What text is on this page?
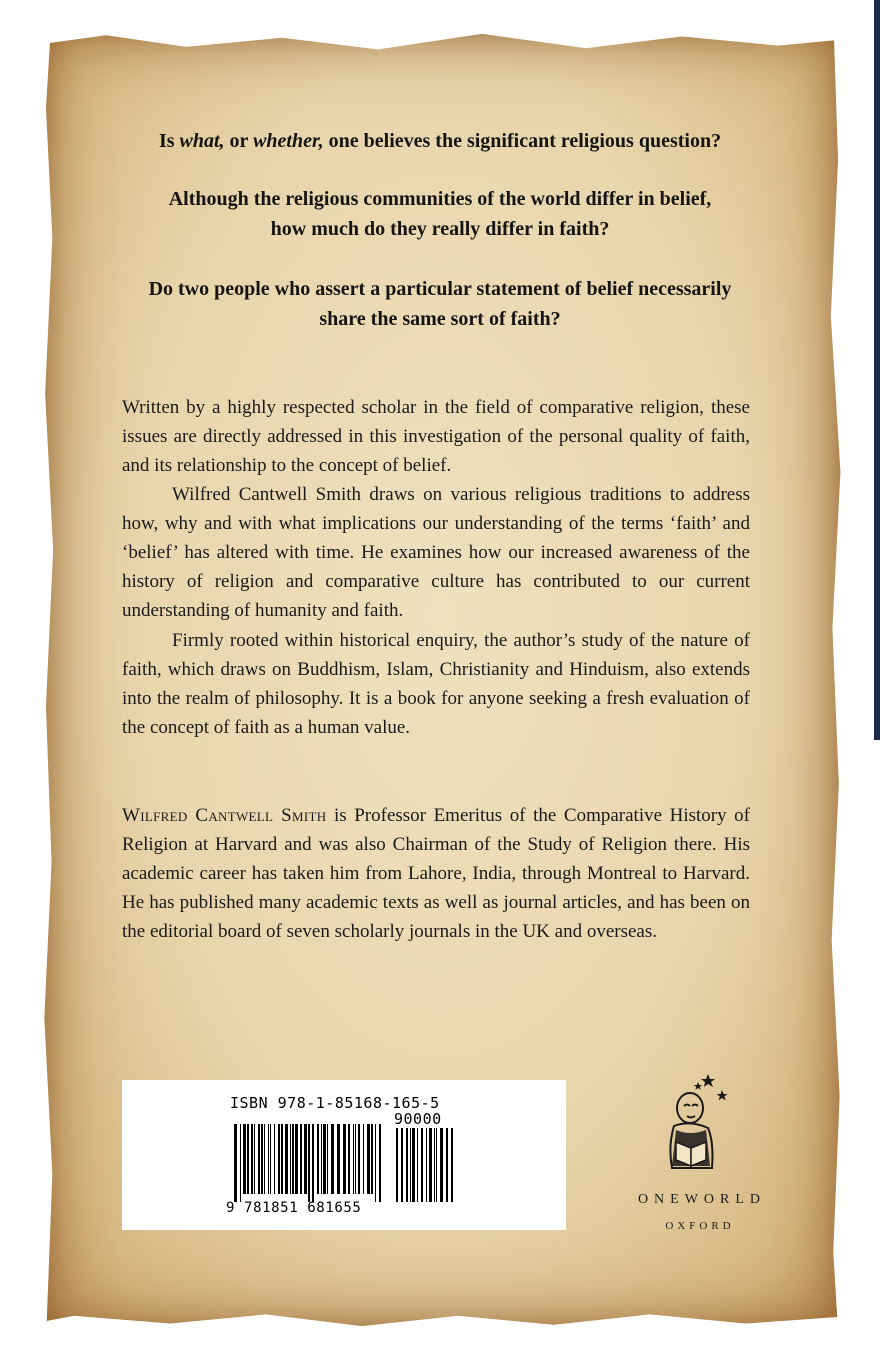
Is what, or whether, one believes the significant religious question?

Although the religious communities of the world differ in belief,
how much do they really differ in faith?

Do two people who assert a particular statement of belief necessarily
share the same sort of faith?

Written by a highly respected scholar in the field of comparative religion, these issues are directly addressed in this investigation of the personal quality of faith, and its relationship to the concept of belief.

Wilfred Cantwell Smith draws on various religious traditions to address how, why and with what implications our understanding of the terms ‘faith’ and ‘belief’ has altered with time. He examines how our increased awareness of the history of religion and comparative culture has contributed to our current understanding of humanity and faith.

Firmly rooted within historical enquiry, the author’s study of the nature of faith, which draws on Buddhism, Islam, Christianity and Hinduism, also extends into the realm of philosophy. It is a book for anyone seeking a fresh evaluation of the concept of faith as a human value.

Wilfred Cantwell Smith is Professor Emeritus of the Comparative History of Religion at Harvard and was also Chairman of the Study of Religion there. His academic career has taken him from Lahore, India, through Montreal to Harvard. He has published many academic texts as well as journal articles, and has been on the editorial board of seven scholarly journals in the UK and overseas.

ISBN 978-1-85168-165-5

90000

9 781851 681655

ONEWORLD

OXFORD
